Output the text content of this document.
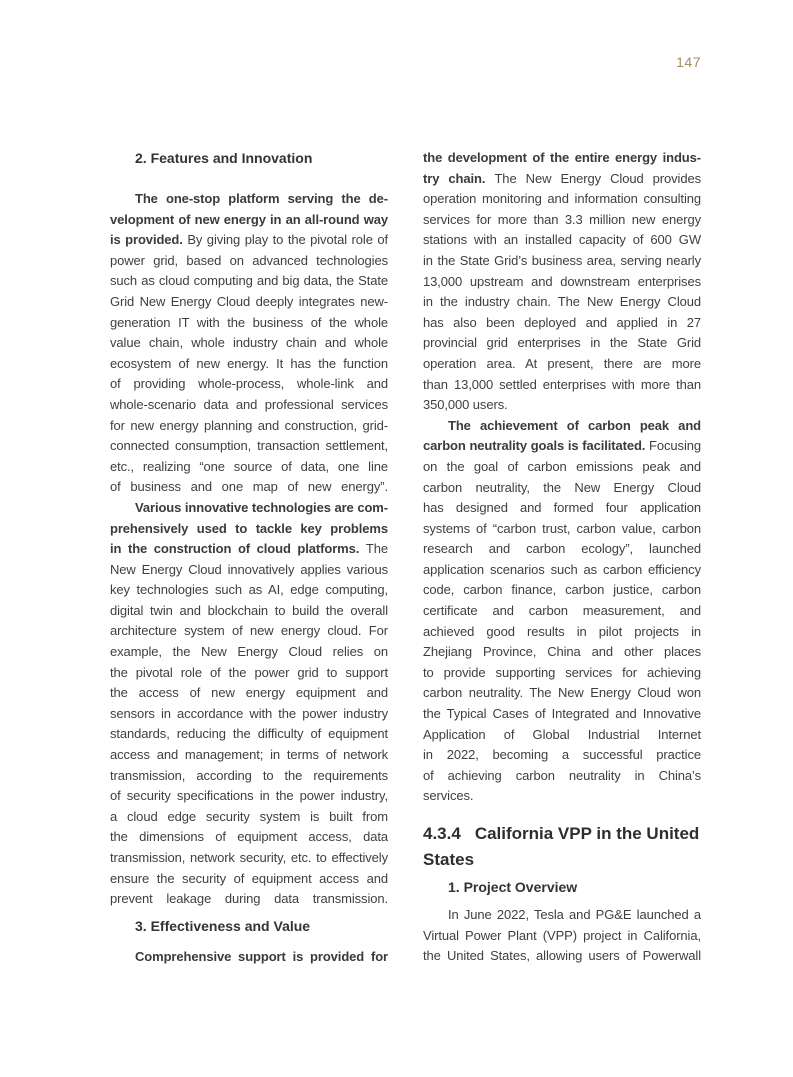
147
2. Features and Innovation
The one-stop platform serving the de-
velopment of new energy in an all-round way
is provided. By giving play to the pivotal role of
power grid, based on advanced technologies
such as cloud computing and big data, the State
Grid New Energy Cloud deeply integrates new-
generation IT with the business of the whole
value chain, whole industry chain and whole
ecosystem of new energy. It has the function
of providing whole-process, whole-link and
whole-scenario data and professional services
for new energy planning and construction, grid-
connected consumption, transaction settlement,
etc., realizing “one source of data, one line
of business and one map of new energy”.
Various innovative technologies are com-
prehensively used to tackle key problems
in the construction of cloud platforms. The
New Energy Cloud innovatively applies various
key technologies such as AI, edge computing,
digital twin and blockchain to build the overall
architecture system of new energy cloud. For
example, the New Energy Cloud relies on
the pivotal role of the power grid to support
the access of new energy equipment and
sensors in accordance with the power industry
standards, reducing the difficulty of equipment
access and management; in terms of network
transmission, according to the requirements
of security specifications in the power industry,
a cloud edge security system is built from
the dimensions of equipment access, data
transmission, network security, etc. to effectively
ensure the security of equipment access and
prevent leakage during data transmission.
3. Effectiveness and Value
Comprehensive support is provided for
the development of the entire energy indus-
try chain. The New Energy Cloud provides
operation monitoring and information consulting
services for more than 3.3 million new energy
stations with an installed capacity of 600 GW
in the State Grid’s business area, serving nearly
13,000 upstream and downstream enterprises
in the industry chain. The New Energy Cloud
has also been deployed and applied in 27
provincial grid enterprises in the State Grid
operation area. At present, there are more
than 13,000 settled enterprises with more than
350,000 users.
The achievement of carbon peak and
carbon neutrality goals is facilitated. Focusing
on the goal of carbon emissions peak and
carbon neutrality, the New Energy Cloud
has designed and formed four application
systems of “carbon trust, carbon value, carbon
research and carbon ecology”, launched
application scenarios such as carbon efficiency
code, carbon finance, carbon justice, carbon
certificate and carbon measurement, and
achieved good results in pilot projects in
Zhejiang Province, China and other places
to provide supporting services for achieving
carbon neutrality. The New Energy Cloud won
the Typical Cases of Integrated and Innovative
Application of Global Industrial Internet
in 2022, becoming a successful practice
of achieving carbon neutrality in China’s
services.
4.3.4 California VPP in the United
States
1. Project Overview
In June 2022, Tesla and PG&E launched a
Virtual Power Plant (VPP) project in California,
the United States, allowing users of Powerwall
